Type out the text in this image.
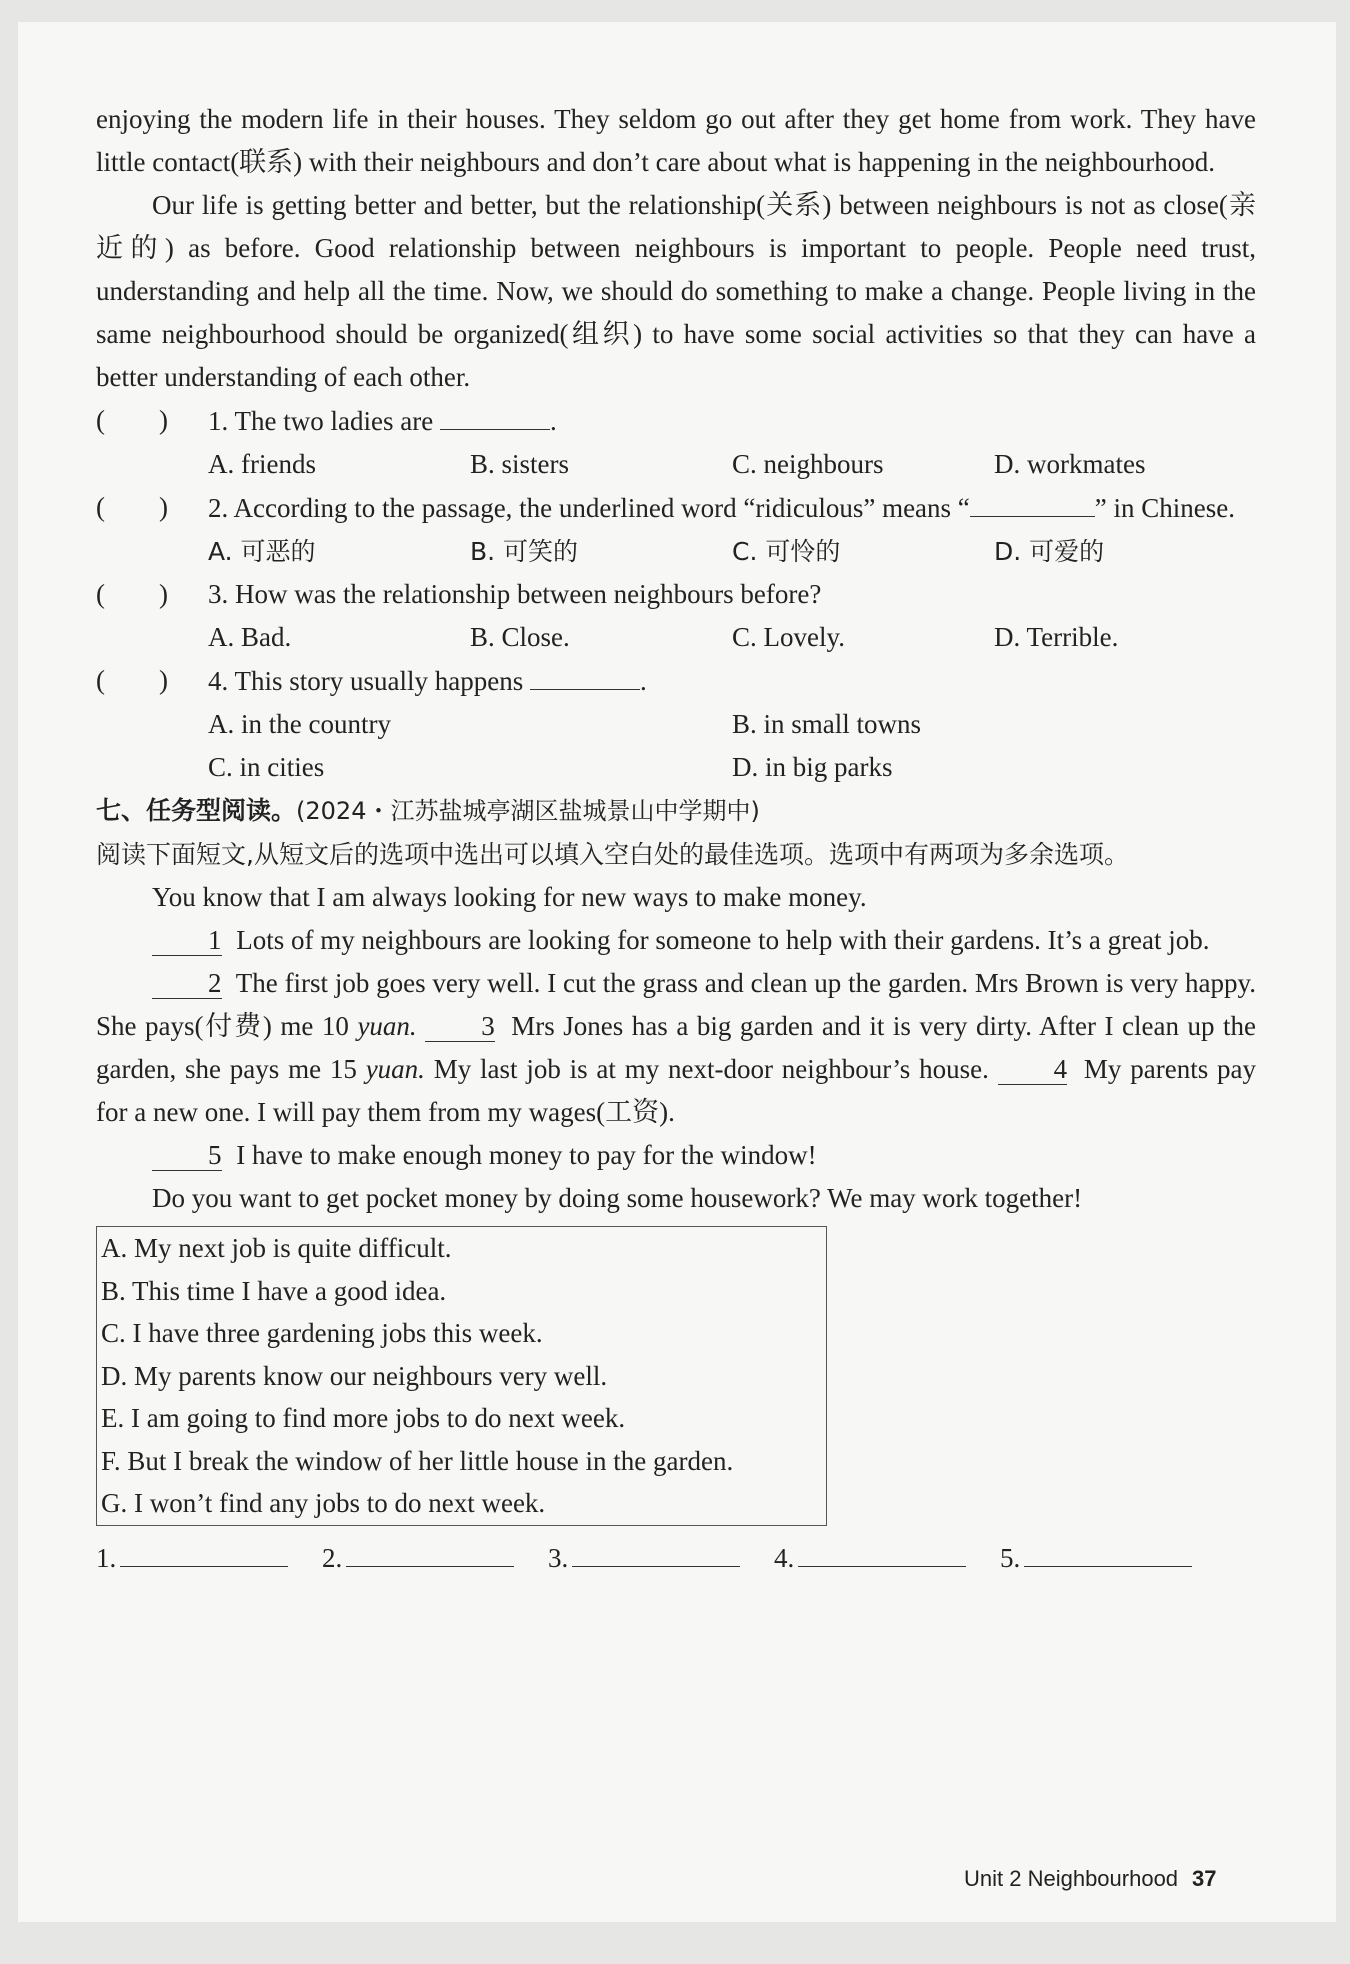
enjoying the modern life in their houses. They seldom go out after they get home from work. They have little contact(联系) with their neighbours and don’t care about what is happening in the neighbourhood.

Our life is getting better and better, but the relationship(关系) between neighbours is not as close(亲近的) as before. Good relationship between neighbours is important to people. People need trust, understanding and help all the time. Now, we should do something to make a change. People living in the same neighbourhood should be organized(组织) to have some social activities so that they can have a better understanding of each other.

(        )	1. The two ladies are	.
A. friends	B. sisters	C. neighbours	D. workmates
(        )	2. According to the passage, the underlined word “ridiculous” means “	” in Chinese.
A. 可恶的	B. 可笑的	C. 可怜的	D. 可爱的
(        )	3. How was the relationship between neighbours before?
A. Bad.	B. Close.	C. Lovely.	D. Terrible.
(        )	4. This story usually happens	.
A. in the country	B. in small towns
C. in cities	D. in big parks
七、任务型阅读。(2024・江苏盐城亭湖区盐城景山中学期中)

阅读下面短文,从短文后的选项中选出可以填入空白处的最佳选项。选项中有两项为多余选项。

You know that I am always looking for new ways to make money.

1 Lots of my neighbours are looking for someone to help with their gardens. It’s a great job.

2 The first job goes very well. I cut the grass and clean up the garden. Mrs Brown is very happy. She pays(付费) me 10 yuan. 3 Mrs Jones has a big garden and it is very dirty. After I clean up the garden, she pays me 15 yuan. My last job is at my next-door neighbour’s house. 4 My parents pay for a new one. I will pay them from my wages(工资).

5 I have to make enough money to pay for the window!

Do you want to get pocket money by doing some housework? We may work together!

A. My next job is quite difficult.
B. This time I have a good idea.
C. I have three gardening jobs this week.
D. My parents know our neighbours very well.
E. I am going to find more jobs to do next week.
F. But I break the window of her little house in the garden.
G. I won’t find any jobs to do next week.
1.	2.	3.	4.	5.
Unit 2 Neighbourhood 37
